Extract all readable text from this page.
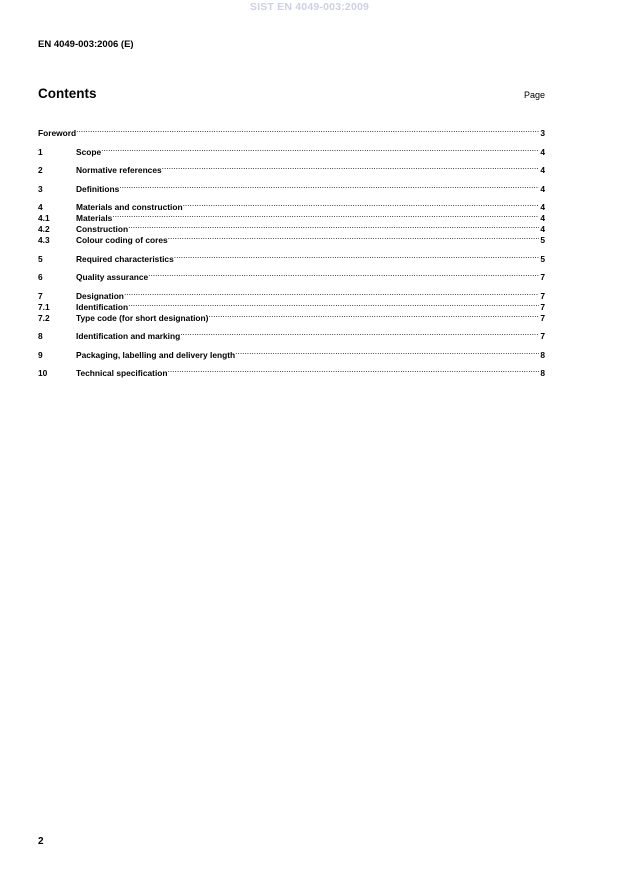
SIST EN 4049-003:2009
EN 4049-003:2006 (E)
Contents	Page
Foreword .....	3
1	Scope .....	4
2	Normative references .....	4
3	Definitions .....	4
4	Materials and construction .....	4
4.1	Materials .....	4
4.2	Construction .....	4
4.3	Colour coding of cores .....	5
5	Required characteristics .....	5
6	Quality assurance .....	7
7	Designation .....	7
7.1	Identification .....	7
7.2	Type code (for short designation) .....	7
8	Identification and marking .....	7
9	Packaging, labelling and delivery length .....	8
10	Technical specification .....	8
2
